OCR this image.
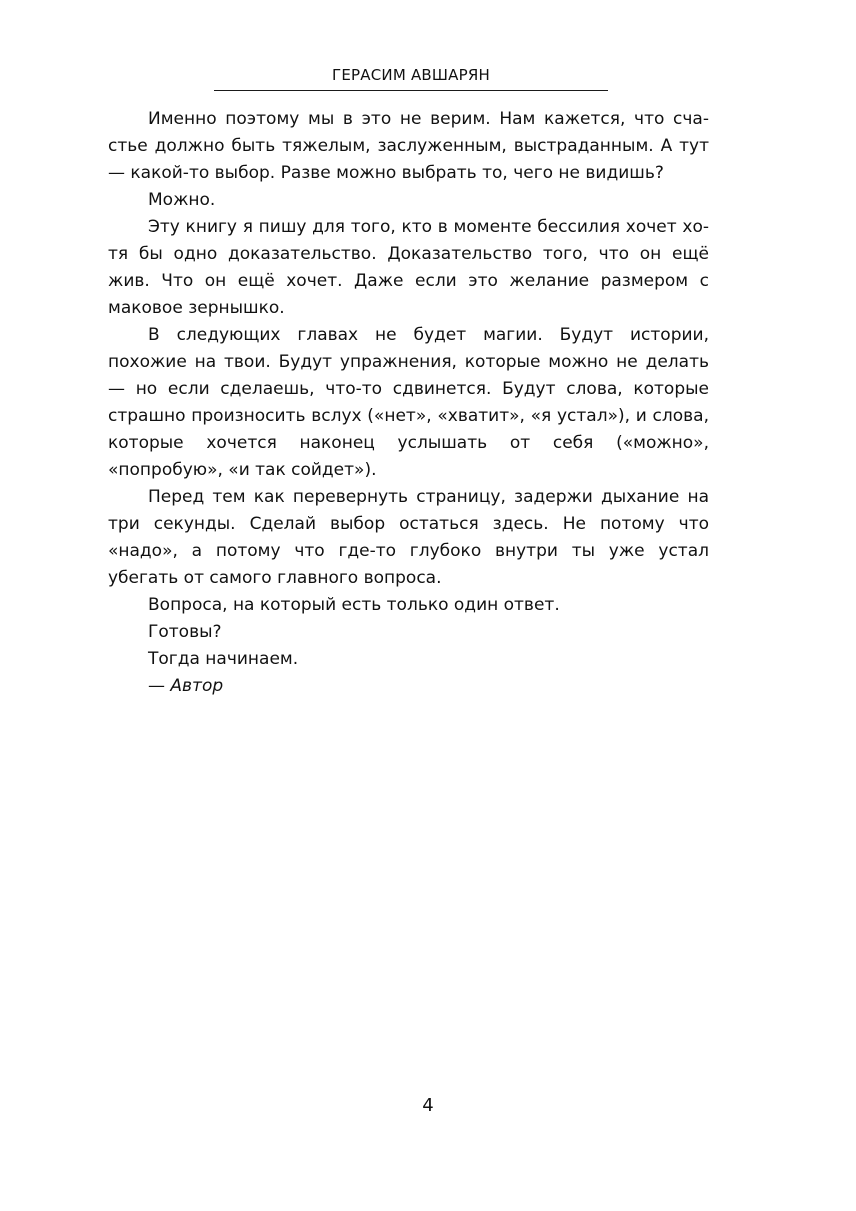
ГЕРАСИМ АВШАРЯН

Именно поэтому мы в это не верим. Нам кажется, что счастье должно быть тяжелым, заслуженным, выстраданным. А тут — какой-то выбор. Разве можно выбрать то, чего не видишь?

Можно.

Эту книгу я пишу для того, кто в моменте бессилия хочет хотя бы одно доказательство. Доказательство того, что он ещё жив. Что он ещё хочет. Даже если это желание размером с маковое зернышко.

В следующих главах не будет магии. Будут истории, похожие на твои. Будут упражнения, которые можно не делать — но если сделаешь, что-то сдвинется. Будут слова, которые страшно произносить вслух («нет», «хватит», «я устал»), и слова, которые хочется наконец услышать от себя («можно», «попробую», «и так сойдет»).

Перед тем как перевернуть страницу, задержи дыхание на три секунды. Сделай выбор остаться здесь. Не потому что «надо», а потому что где-то глубоко внутри ты уже устал убегать от самого главного вопроса.

Вопроса, на который есть только один ответ.

Готовы?

Тогда начинаем.

— Автор

4
